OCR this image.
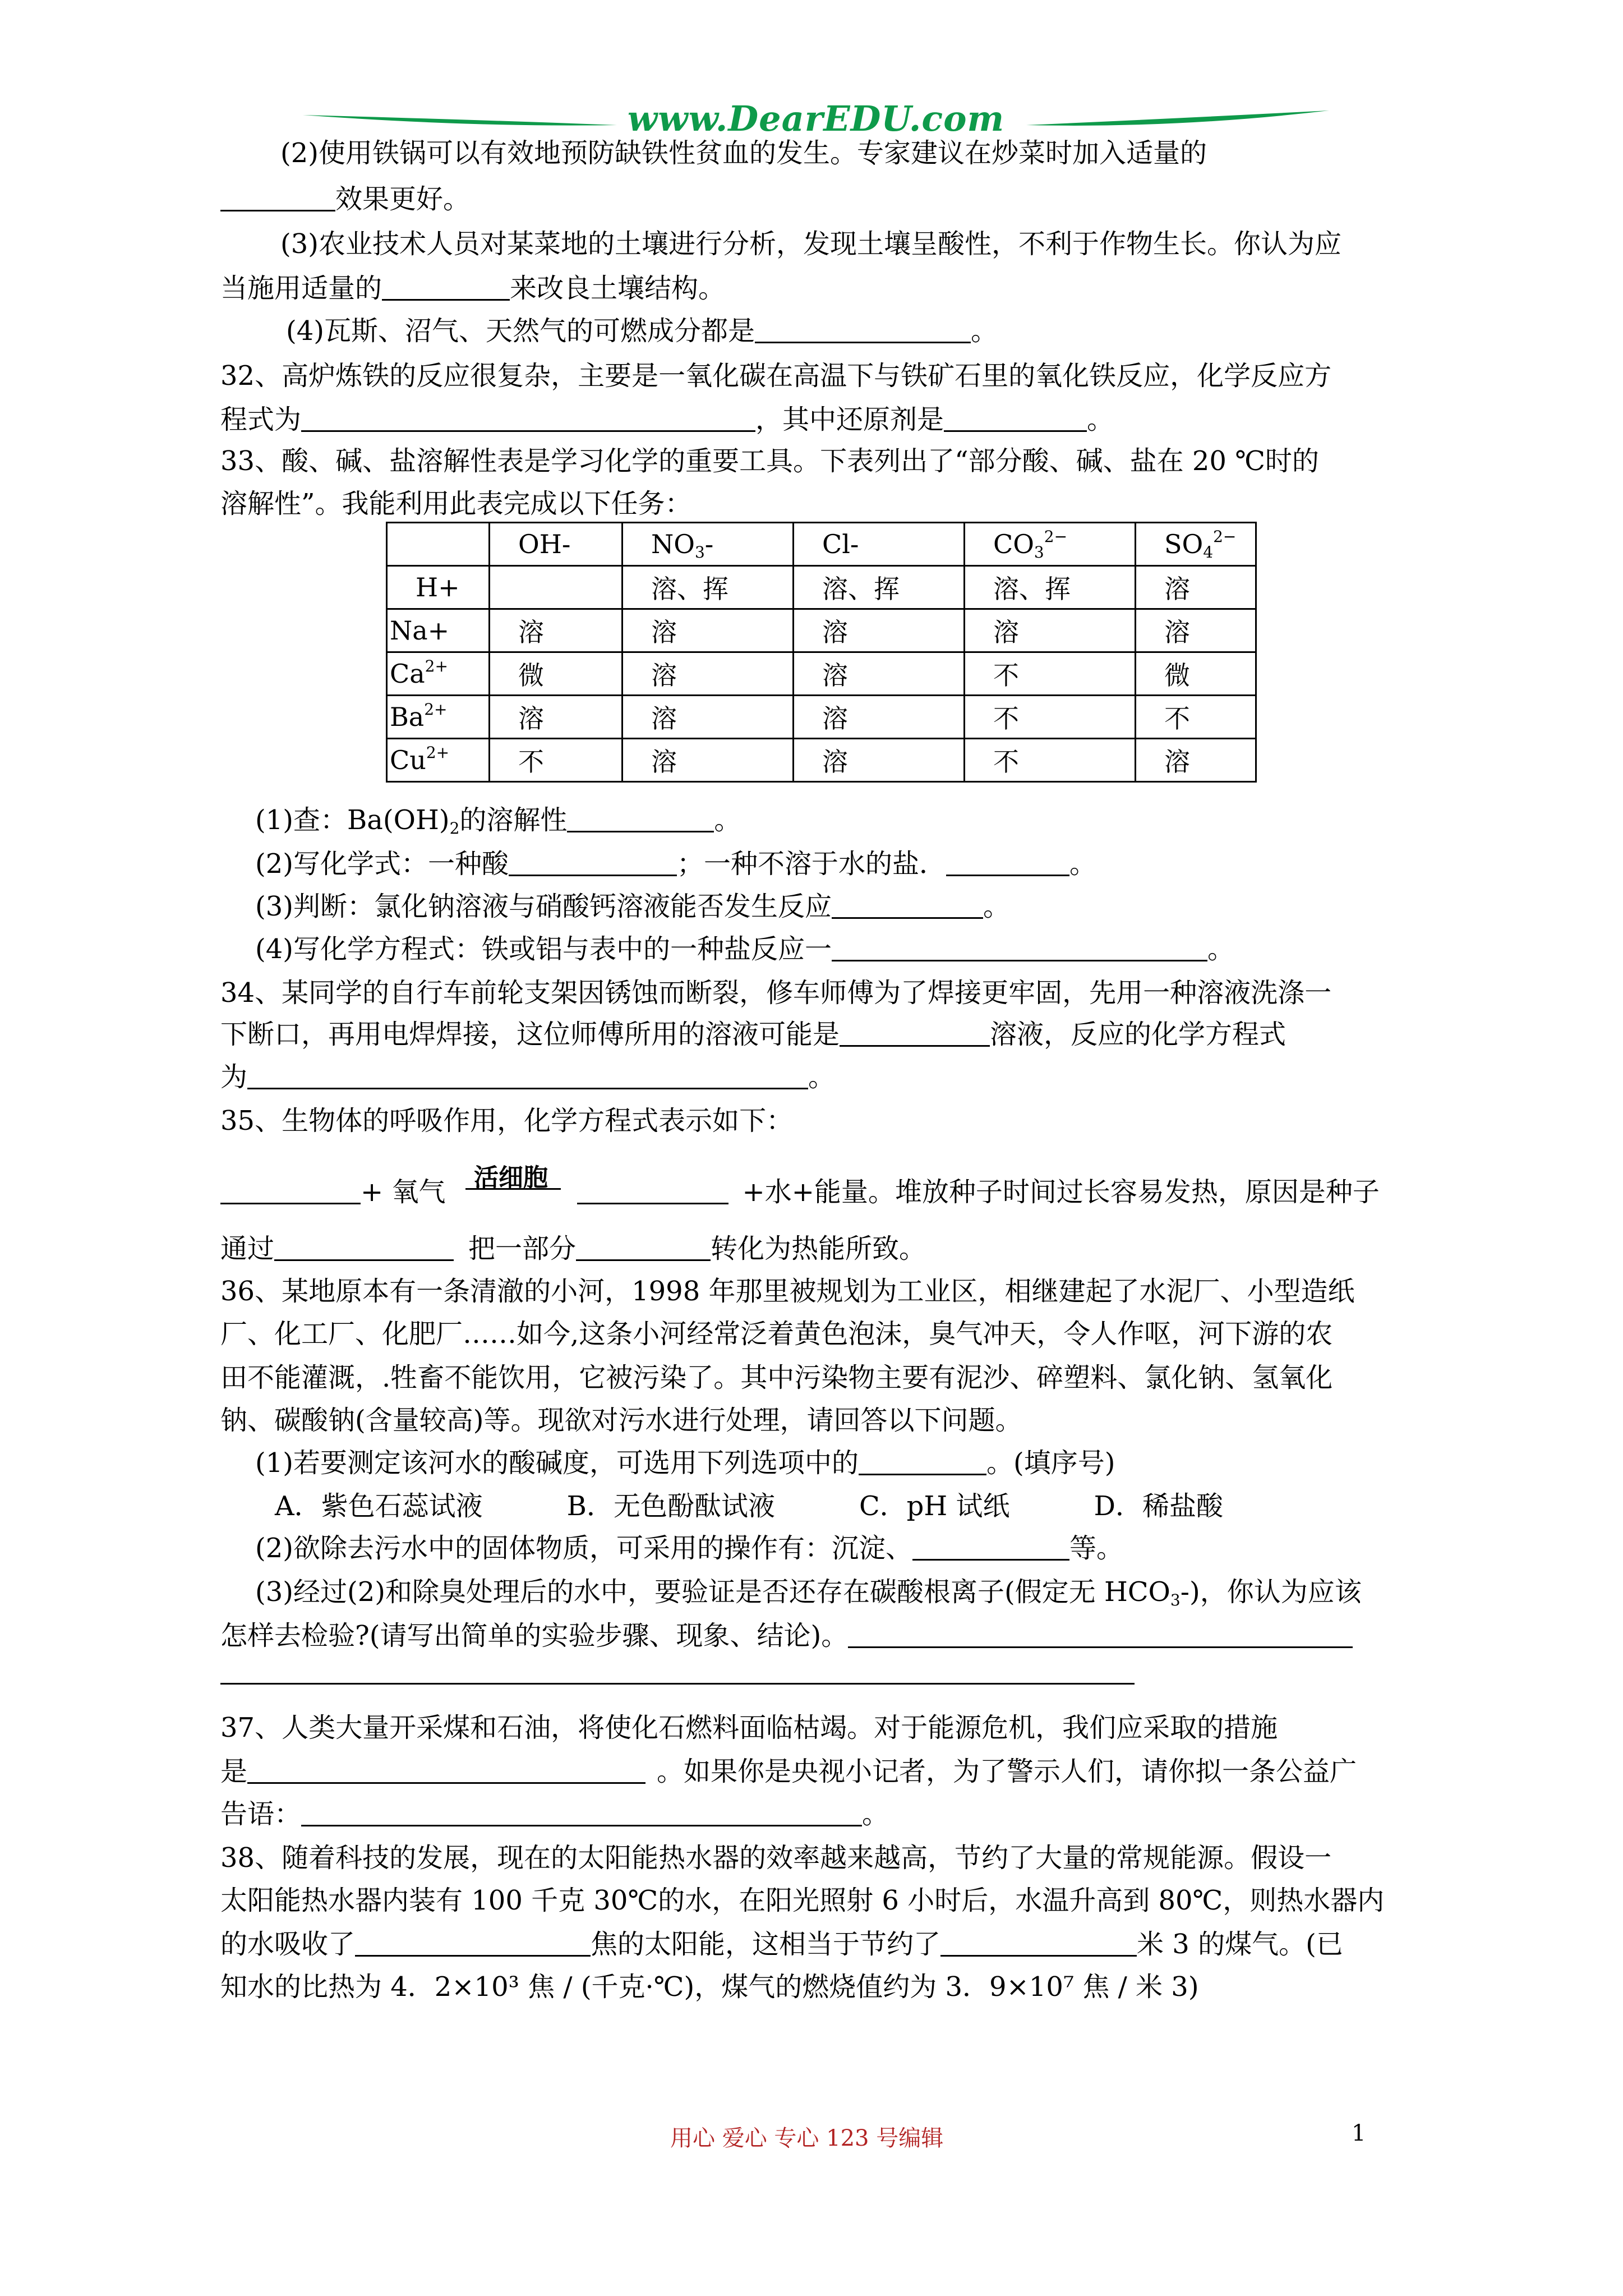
www.DearEDU.com
(2)使用铁锅可以有效地预防缺铁性贫血的发生。专家建议在炒菜时加入适量的
效果更好。
(3)农业技术人员对某菜地的土壤进行分析，发现土壤呈酸性，不利于作物生长。你认为应
当施用适量的	来改良土壤结构。
(4)瓦斯、沼气、天然气的可燃成分都是	。
32、高炉炼铁的反应很复杂，主要是一氧化碳在高温下与铁矿石里的氧化铁反应，化学反应方
程式为	，其中还原剂是	。
33、酸、碱、盐溶解性表是学习化学的重要工具。下表列出了“部分酸、碱、盐在 20 ℃时的
溶解性”。我能利用此表完成以下任务：
	OH-	$NO_3-$	Cl-	$CO_3^{2-}$	$SO_4^{2-}$
H+		溶、挥	溶、挥	溶、挥	溶
Na+	溶	溶	溶	溶	溶
$Ca^{2+}$	微	溶	溶	不	微
$Ba^{2+}$	溶	溶	溶	不	不
$Cu^{2+}$	不	溶	溶	不	溶
(1)查：$Ba(OH)_2$的溶解性	。
(2)写化学式：一种酸	；一种不溶于水的盐．	。
(3)判断：氯化钠溶液与硝酸钙溶液能否发生反应	。
(4)写化学方程式：铁或铝与表中的一种盐反应一	。
34、某同学的自行车前轮支架因锈蚀而断裂，修车师傅为了焊接更牢固，先用一种溶液洗涤一
下断口，再用电焊焊接，这位师傅所用的溶液可能是	溶液，反应的化学方程式
为	。
35、生物体的呼吸作用，化学方程式表示如下：
活细胞
+ 氧气	+水+能量。堆放种子时间过长容易发热，原因是种子
通过	把一部分	转化为热能所致。
36、某地原本有一条清澈的小河，1998 年那里被规划为工业区，相继建起了水泥厂、小型造纸
厂、化工厂、化肥厂……如今,这条小河经常泛着黄色泡沫，臭气冲天，令人作呕，河下游的农
田不能灌溉，.牲畜不能饮用，它被污染了。其中污染物主要有泥沙、碎塑料、氯化钠、氢氧化
钠、碳酸钠(含量较高)等。现欲对污水进行处理，请回答以下问题。
(1)若要测定该河水的酸碱度，可选用下列选项中的	。(填序号)
A．紫色石蕊试液	B．无色酚酞试液	C．pH 试纸	D．稀盐酸
(2)欲除去污水中的固体物质，可采用的操作有：沉淀、	等。
(3)经过(2)和除臭处理后的水中，要验证是否还存在碳酸根离子(假定无 $HCO_3-$)，你认为应该
怎样去检验?(请写出简单的实验步骤、现象、结论)。
37、人类大量开采煤和石油，将使化石燃料面临枯竭。对于能源危机，我们应采取的措施
是	。如果你是央视小记者，为了警示人们，请你拟一条公益广
告语：	。
38、随着科技的发展，现在的太阳能热水器的效率越来越高，节约了大量的常规能源。假设一
太阳能热水器内装有 100 千克 30℃的水，在阳光照射 6 小时后，水温升高到 80℃，则热水器内
的水吸收了	焦的太阳能，这相当于节约了	米 3 的煤气。(已
知水的比热为 4．2×10³ 焦 / (千克·℃)，煤气的燃烧值约为 3．9×10⁷ 焦 / 米 3)
用心 爱心 专心 123 号编辑	1
